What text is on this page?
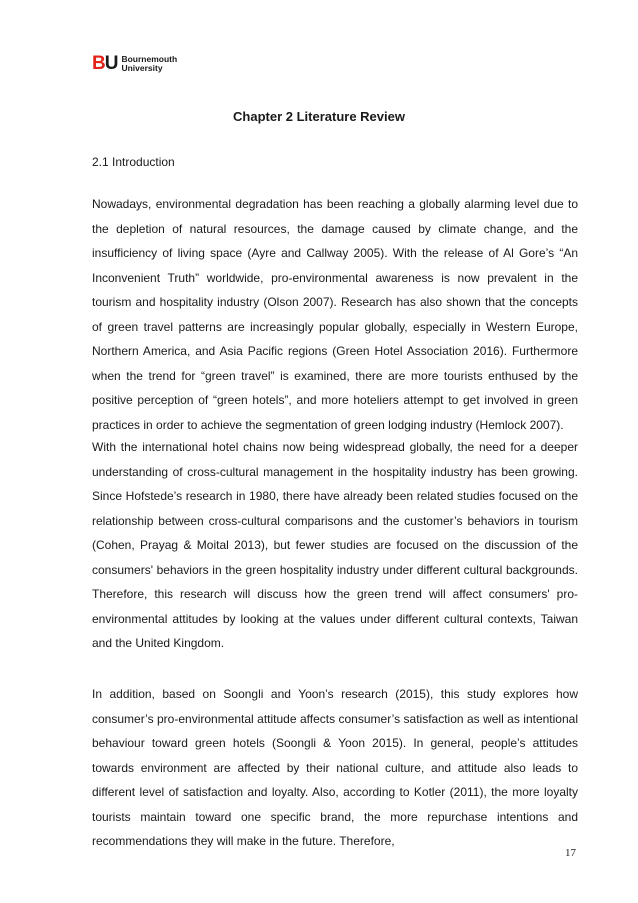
BU Bournemouth
University
Chapter 2 Literature Review

2.1 Introduction

Nowadays, environmental degradation has been reaching a globally alarming level due to the depletion of natural resources, the damage caused by climate change, and the insufficiency of living space (Ayre and Callway 2005). With the release of Al Gore’s “An Inconvenient Truth” worldwide, pro-environmental awareness is now prevalent in the tourism and hospitality industry (Olson 2007). Research has also shown that the concepts of green travel patterns are increasingly popular globally, especially in Western Europe, Northern America, and Asia Pacific regions (Green Hotel Association 2016). Furthermore when the trend for “green travel” is examined, there are more tourists enthused by the positive perception of “green hotels”, and more hoteliers attempt to get involved in green practices in order to achieve the segmentation of green lodging industry (Hemlock 2007).

With the international hotel chains now being widespread globally, the need for a deeper understanding of cross-cultural management in the hospitality industry has been growing. Since Hofstede’s research in 1980, there have already been related studies focused on the relationship between cross-cultural comparisons and the customer’s behaviors in tourism (Cohen, Prayag & Moital 2013), but fewer studies are focused on the discussion of the consumers' behaviors in the green hospitality industry under different cultural backgrounds. Therefore, this research will discuss how the green trend will affect consumers' pro-environmental attitudes by looking at the values under different cultural contexts, Taiwan and the United Kingdom.

In addition, based on Soongli and Yoon’s research (2015), this study explores how consumer’s pro-environmental attitude affects consumer’s satisfaction as well as intentional behaviour toward green hotels (Soongli & Yoon 2015). In general, people’s attitudes towards environment are affected by their national culture, and attitude also leads to different level of satisfaction and loyalty. Also, according to Kotler (2011), the more loyalty tourists maintain toward one specific brand, the more repurchase intentions and recommendations they will make in the future. Therefore,

17
